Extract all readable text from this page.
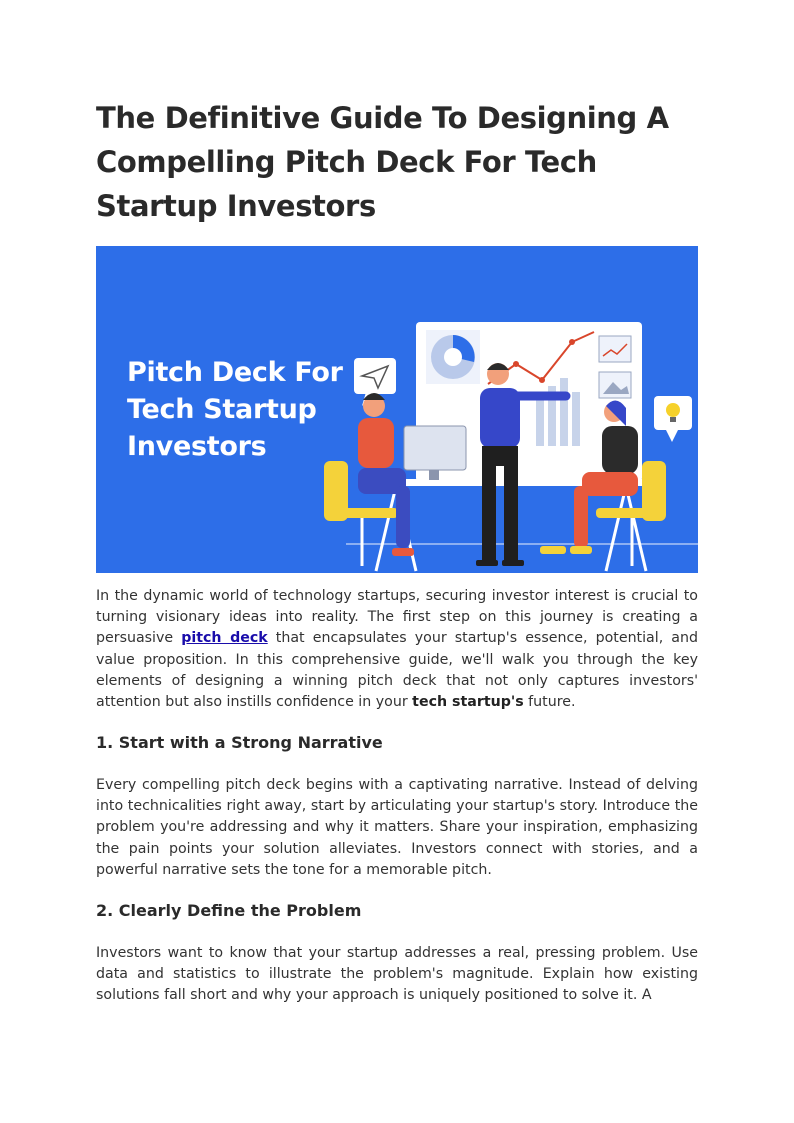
The Definitive Guide To Designing A Compelling Pitch Deck For Tech Startup Investors
Pitch Deck For
Tech Startup
Investors

In the dynamic world of technology startups, securing investor interest is crucial to turning visionary ideas into reality. The first step on this journey is creating a persuasive pitch deck that encapsulates your startup's essence, potential, and value proposition. In this comprehensive guide, we'll walk you through the key elements of designing a winning pitch deck that not only captures investors' attention but also instills confidence in your tech startup's future.

1. Start with a Strong Narrative

Every compelling pitch deck begins with a captivating narrative. Instead of delving into technicalities right away, start by articulating your startup's story. Introduce the problem you're addressing and why it matters. Share your inspiration, emphasizing the pain points your solution alleviates. Investors connect with stories, and a powerful narrative sets the tone for a memorable pitch.

2. Clearly Define the Problem

Investors want to know that your startup addresses a real, pressing problem. Use data and statistics to illustrate the problem's magnitude. Explain how existing solutions fall short and why your approach is uniquely positioned to solve it. A
